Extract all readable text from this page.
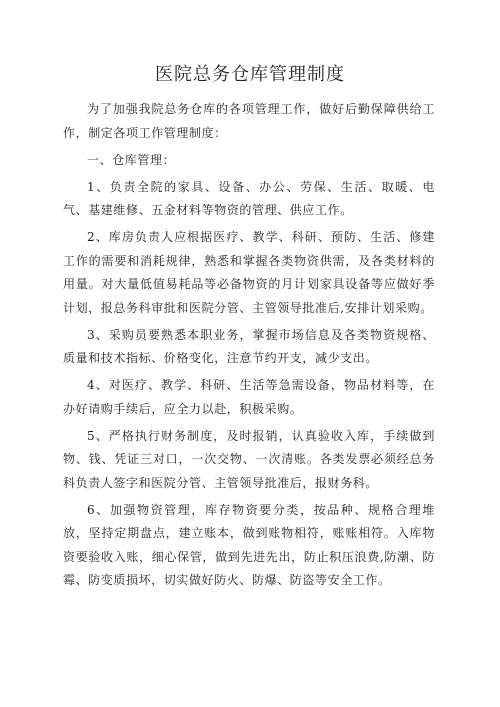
医院总务仓库管理制度

为了加强我院总务仓库的各项管理工作，做好后勤保障供给工作，制定各项工作管理制度：

一、仓库管理：

1、负责全院的家具、设备、办公、劳保、生活、取暖、电气、基建维修、五金材料等物资的管理、供应工作。

2、库房负责人应根据医疗、教学、科研、预防、生活、修建工作的需要和消耗规律，熟悉和掌握各类物资供需，及各类材料的用量。对大量低值易耗品等必备物资的月计划家具设备等应做好季计划，报总务科审批和医院分管、主管领导批准后,安排计划采购。

3、采购员要熟悉本职业务，掌握市场信息及各类物资规格、质量和技术指标、价格变化，注意节约开支，减少支出。

4、对医疗、教学、科研、生活等急需设备，物品材料等，在办好请购手续后，应全力以赴，积极采购。

5、严格执行财务制度，及时报销，认真验收入库，手续做到物、钱、凭证三对口，一次交物、一次清账。各类发票必须经总务科负责人签字和医院分管、主管领导批准后，报财务科。

6、加强物资管理，库存物资要分类，按品种、规格合理堆放，坚持定期盘点，建立账本，做到账物相符，账账相符。入库物资要验收入账，细心保管，做到先进先出，防止积压浪费,防潮、防霉、防变质损坏，切实做好防火、防爆、防盗等安全工作。
